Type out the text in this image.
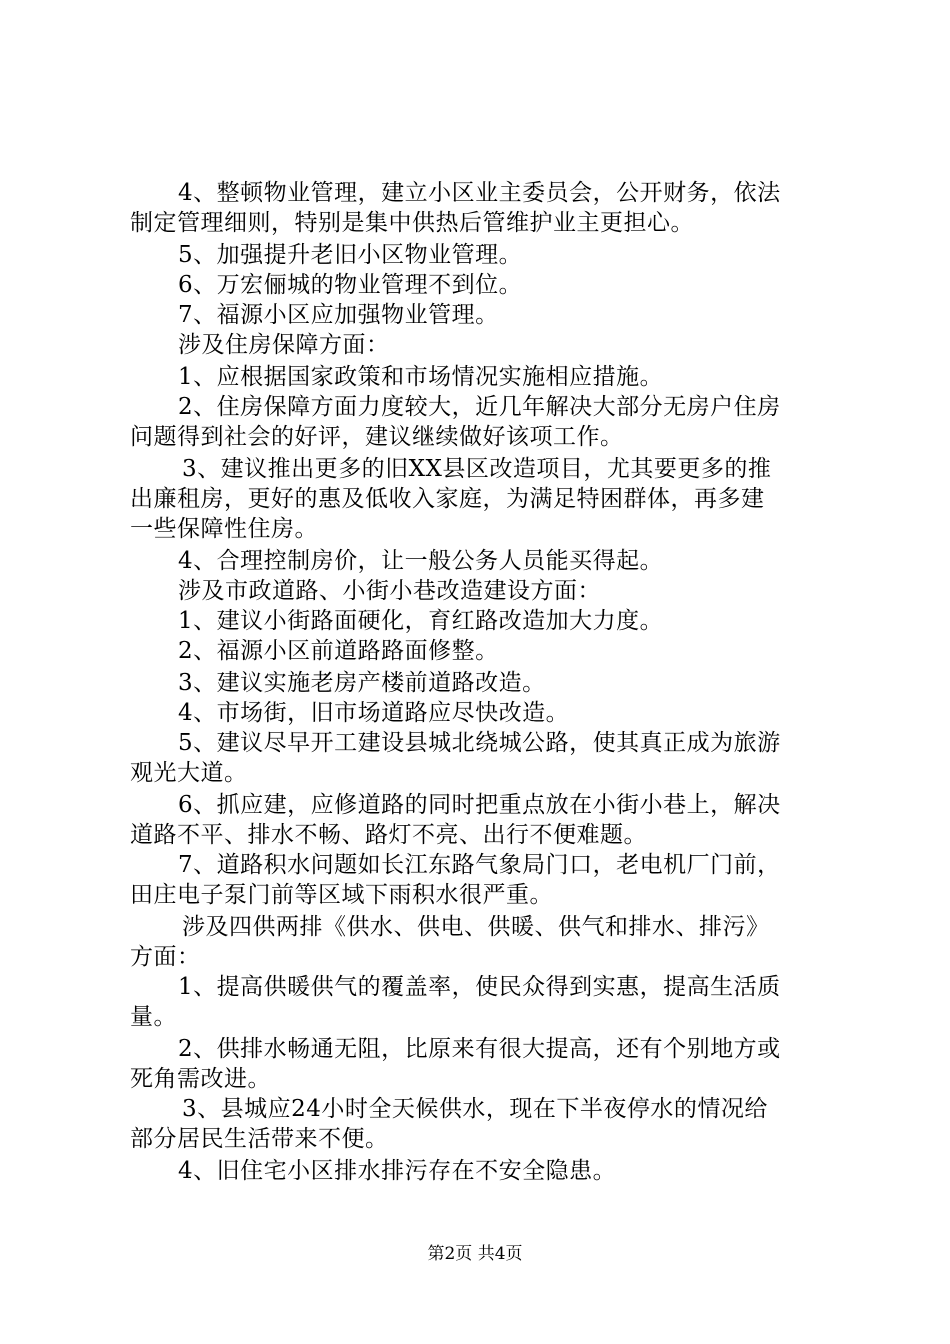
4、整顿物业管理，建立小区业主委员会，公开财务，依法
制定管理细则，特别是集中供热后管维护业主更担心。
5、加强提升老旧小区物业管理。
6、万宏俪城的物业管理不到位。
7、福源小区应加强物业管理。
涉及住房保障方面：
1、应根据国家政策和市场情况实施相应措施。
2、住房保障方面力度较大，近几年解决大部分无房户住房
问题得到社会的好评，建议继续做好该项工作。
3、建议推出更多的旧XX县区改造项目，尤其要更多的推
出廉租房，更好的惠及低收入家庭，为满足特困群体，再多建
一些保障性住房。
4、合理控制房价，让一般公务人员能买得起。
涉及市政道路、小街小巷改造建设方面：
1、建议小街路面硬化，育红路改造加大力度。
2、福源小区前道路路面修整。
3、建议实施老房产楼前道路改造。
4、市场街，旧市场道路应尽快改造。
5、建议尽早开工建设县城北绕城公路，使其真正成为旅游
观光大道。
6、抓应建，应修道路的同时把重点放在小街小巷上，解决
道路不平、排水不畅、路灯不亮、出行不便难题。
7、道路积水问题如长江东路气象局门口，老电机厂门前，
田庄电子泵门前等区域下雨积水很严重。
涉及四供两排《供水、供电、供暖、供气和排水、排污》
方面：
1、提高供暖供气的覆盖率，使民众得到实惠，提高生活质
量。
2、供排水畅通无阻，比原来有很大提高，还有个别地方或
死角需改进。
3、县城应24小时全天候供水，现在下半夜停水的情况给
部分居民生活带来不便。
4、旧住宅小区排水排污存在不安全隐患。
第2页 共4页
